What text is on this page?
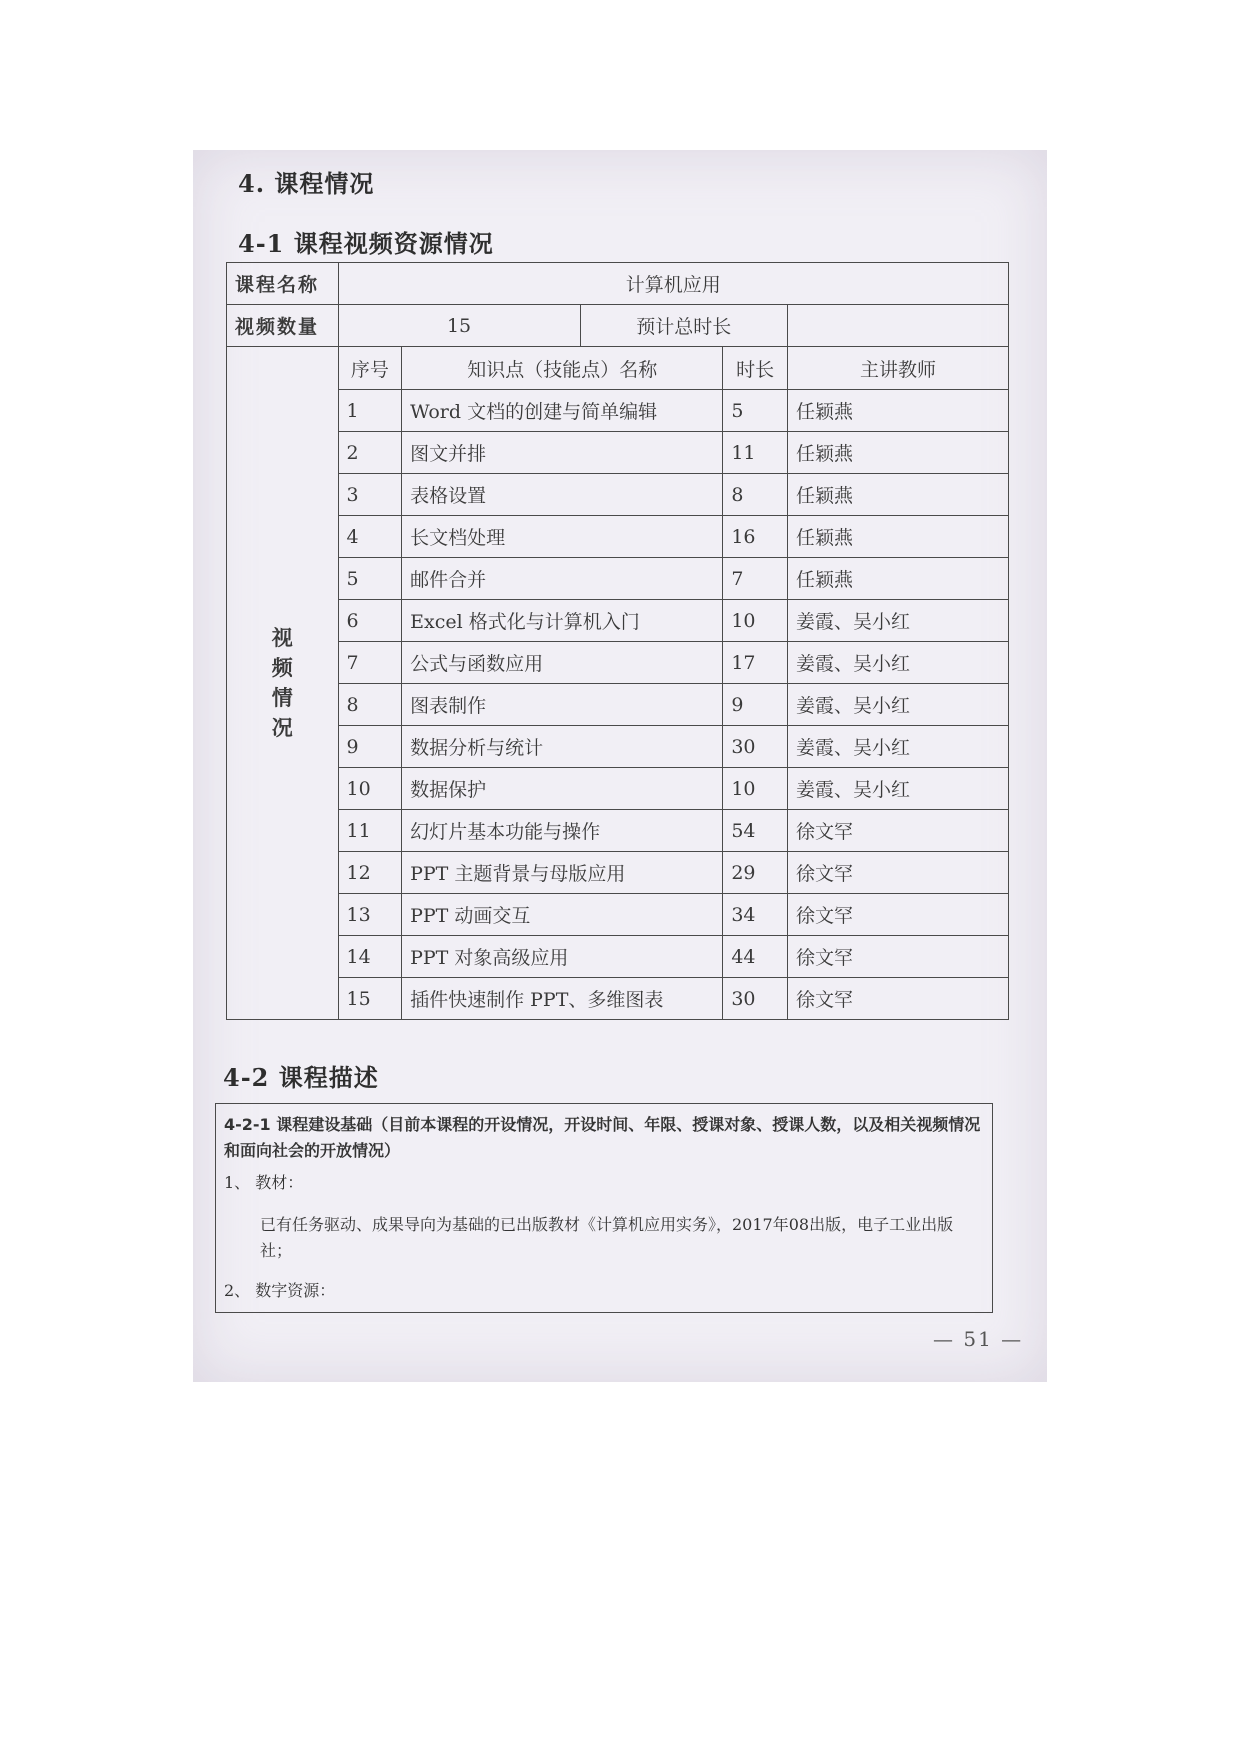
4. 课程情况
4-1 课程视频资源情况
课程名称	计算机应用				
视频数量	15		预计总时长		

视
频
情
况	序号	知识点（技能点）名称		时长	主讲教师
	1	Word 文档的创建与简单编辑		5	任颖燕
	2	图文并排		11	任颖燕
	3	表格设置		8	任颖燕
	4	长文档处理		16	任颖燕
	5	邮件合并		7	任颖燕
	6	Excel 格式化与计算机入门		10	姜霞、吴小红
	7	公式与函数应用		17	姜霞、吴小红
	8	图表制作		9	姜霞、吴小红
	9	数据分析与统计		30	姜霞、吴小红
	10	数据保护		10	姜霞、吴小红
	11	幻灯片基本功能与操作		54	徐文罕
	12	PPT 主题背景与母版应用		29	徐文罕
	13	PPT 动画交互		34	徐文罕
	14	PPT 对象高级应用		44	徐文罕
	15	插件快速制作 PPT、多维图表		30	徐文罕
4-2 课程描述
4-2-1 课程建设基础（目前本课程的开设情况，开设时间、年限、授课对象、授课人数，以及相关视频情况和面向社会的开放情况）
1、 教材：
已有任务驱动、成果导向为基础的已出版教材《计算机应用实务》，2017年08出版，电子工业出版社；
2、 数字资源：
— 51 —
